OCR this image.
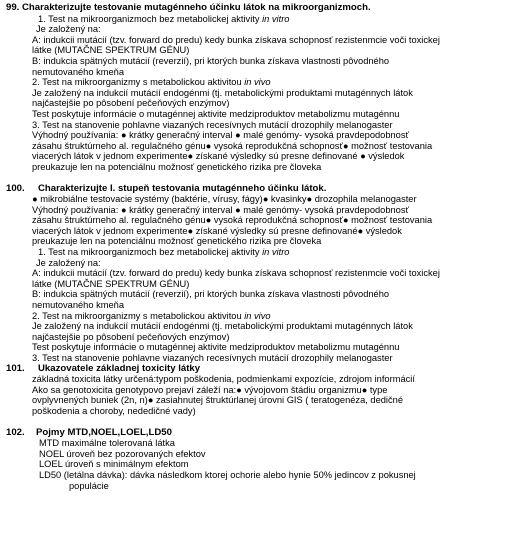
99. Charakterizujte testovanie mutagénneho účinku látok na mikroorganizmoch.
1. Test na mikroorganizmoch bez metabolickej aktivity in vitro
Je založený na:
A: indukcii mutácií (tzv. forward do predu) kedy bunka získava schopnosť rezistenmcie voči toxickej
látke (MUTAČNE SPEKTRUM GÉNU)
B: indukcia spätných mutácií (reverzií), pri ktorých bunka získava vlastnosti pôvodného
nemutovaného kmeňa
2. Test na mikroorganizmy s metabolickou aktivitou in vivo
Je založený na indukcií mutácií endogénmi (tj. metabolickými produktami mutagénnych látok
najčastejšie po pôsobení pečeňových enzýmov)
Test poskytuje informácie o mutagénnej aktivite medziproduktov metabolizmu mutagénnu
3. Test na stanovenie pohlavne viazaných recesívnych mutácií drozophily melanogaster
Výhodný používania: ● krátky generačný interval ● malé genómy- vysoká pravdepodobnosť
zásahu štruktúrneho al. regulačného génu● vysoká reprodukčná schopnosť● možnosť testovania
viacerých látok v jednom experimente● získané výsledky sú presne definované ● výsledok
preukazuje len na potenciálnu možnosť genetického rizika pre človeka
100. Charakterizujte I. stupeň testovania mutagénneho účinku látok.
● mikrobiálne testovacie systémy (baktérie, vírusy, fágy)● kvasinky● drozophila melanogaster
Výhodný používania: ● krátky generačný interval ● malé genómy- vysoká pravdepodobnosť
zásahu štruktúrneho al. regulačného génu● vysoká reprodukčná schopnosť● možnosť testovania
viacerých látok v jednom experimente● získané výsledky sú presne definované● výsledok
preukazuje len na potenciálnu možnosť genetického rizika pre človeka
1. Test na mikroorganizmoch bez metabolickej aktivity in vitro
Je založený na:
A: indukcii mutácií (tzv. forward do predu) kedy bunka získava schopnosť rezistenmcie voči toxickej
látke (MUTAČNE SPEKTRUM GÉNU)
B: indukcia spätných mutácií (reverzií), pri ktorých bunka získava vlastnosti pôvodného
nemutovaného kmeňa
2. Test na mikroorganizmy s metabolickou aktivitou in vivo
Je založený na indukcií mutácií endogénmi (tj. metabolickými produktami mutagénnych látok
najčastejšie po pôsobení pečeňových enzýmov)
Test poskytuje informácie o mutagénnej aktivite medziproduktov metabolizmu mutagénnu
3. Test na stanovenie pohlavne viazaných recesívnych mutácií drozophily melanogaster
101. Ukazovatele základnej toxicity látky
základná toxicita látky určená:typom poškodenia, podmienkami expozície, zdrojom informácií
Ako sa genotoxicita genotypovo prejaví záleží na:● vývojovom štádiu organizmu● type
ovplyvnených buniek (2n, n)● zasiahnutej štruktúrlanej úrovni GIS ( teratogenéza, dedičné
poškodenia a choroby, nededičné vady)
102. Pojmy MTD,NOEL,LOEL,LD50
MTD maximálne tolerovaná látka
NOEL úroveň bez pozorovaných efektov
LOEL úroveň s minimálnym efektom
LD50 (letálna dávka): dávka následkom ktorej ochorie alebo hynie 50% jedincov z pokusnej
populácie
